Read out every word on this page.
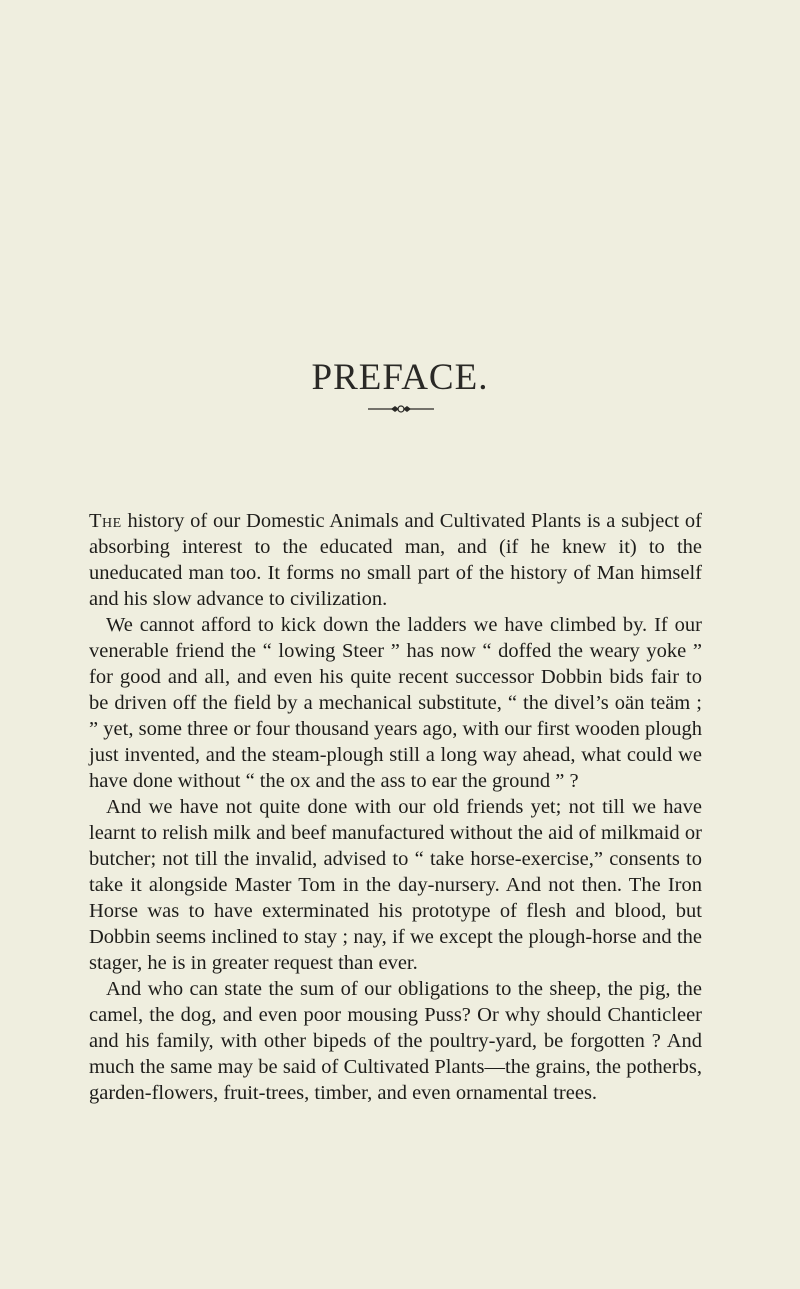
PREFACE.

The history of our Domestic Animals and Cultivated Plants is a subject of absorbing interest to the educated man, and (if he knew it) to the uneducated man too. It forms no small part of the history of Man himself and his slow advance to civilization.

We cannot afford to kick down the ladders we have climbed by. If our venerable friend the “ lowing Steer ” has now “ doffed the weary yoke ” for good and all, and even his quite recent successor Dobbin bids fair to be driven off the field by a mechanical substitute, “ the divel’s oän teäm ; ” yet, some three or four thousand years ago, with our first wooden plough just invented, and the steam-plough still a long way ahead, what could we have done without “ the ox and the ass to ear the ground ” ?

And we have not quite done with our old friends yet; not till we have learnt to relish milk and beef manufactured without the aid of milkmaid or butcher; not till the invalid, advised to “ take horse-exercise,” consents to take it alongside Master Tom in the day-nursery. And not then. The Iron Horse was to have exterminated his prototype of flesh and blood, but Dobbin seems inclined to stay ; nay, if we except the plough-horse and the stager, he is in greater request than ever.

And who can state the sum of our obligations to the sheep, the pig, the camel, the dog, and even poor mousing Puss? Or why should Chanticleer and his family, with other bipeds of the poultry-yard, be forgotten ? And much the same may be said of Cultivated Plants—the grains, the potherbs, garden-flowers, fruit-trees, timber, and even ornamental trees.
